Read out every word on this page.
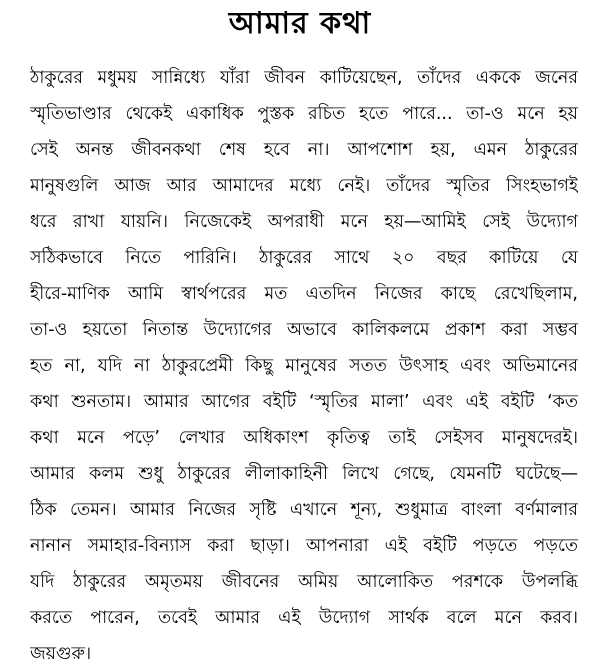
আমার কথা
ঠাকুরের মধুময় সান্নিধ্যে যাঁরা জীবন কাটিয়েছেন, তাঁদের এককে জনের
স্মৃতিভাণ্ডার থেকেই একাধিক পুস্তক রচিত হতে পারে... তা-ও মনে হয়
সেই অনন্ত জীবনকথা শেষ হবে না। আপশোশ হয়, এমন ঠাকুরের
মানুষগুলি আজ আর আমাদের মধ্যে নেই। তাঁদের স্মৃতির সিংহভাগই
ধরে রাখা যায়নি। নিজেকেই অপরাধী মনে হয়—আমিই সেই উদ্যোগ
সঠিকভাবে নিতে পারিনি। ঠাকুরের সাথে ২০ বছর কাটিয়ে যে
হীরে-মাণিক আমি স্বার্থপরের মত এতদিন নিজের কাছে রেখেছিলাম,
তা-ও হয়তো নিতান্ত উদ্যোগের অভাবে কালিকলমে প্রকাশ করা সম্ভব
হত না, যদি না ঠাকুরপ্রেমী কিছু মানুষের সতত উৎসাহ এবং অভিমানের
কথা শুনতাম। আমার আগের বইটি ‘স্মৃতির মালা’ এবং এই বইটি ‘কত
কথা মনে পড়ে’ লেখার অধিকাংশ কৃতিত্ব তাই সেইসব মানুষদেরই।
আমার কলম শুধু ঠাকুরের লীলাকাহিনী লিখে গেছে, যেমনটি ঘটেছে—
ঠিক তেমন। আমার নিজের সৃষ্টি এখানে শূন্য, শুধুমাত্র বাংলা বর্ণমালার
নানান সমাহার-বিন্যাস করা ছাড়া। আপনারা এই বইটি পড়তে পড়তে
যদি ঠাকুরের অমৃতময় জীবনের অমিয় আলোকিত পরশকে উপলব্ধি
করতে পারেন, তবেই আমার এই উদ্যোগ সার্থক বলে মনে করব।
জয়গুরু।
